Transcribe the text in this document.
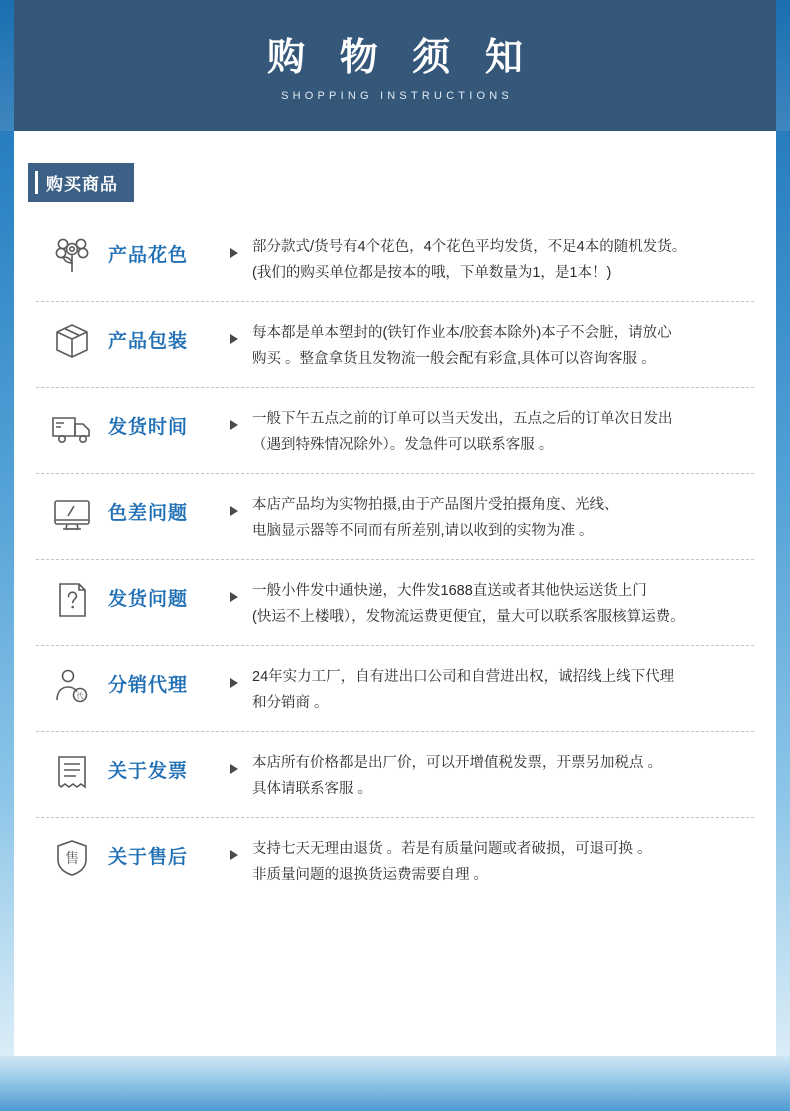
购 物 须 知
SHOPPING INSTRUCTIONS
购买商品
产品花色	部分款式/货号有4个花色，4个花色平均发货，不足4本的随机发货。

(我们的购买单位都是按本的哦，下单数量为1，是1本！)

产品包装	每本都是单本塑封的(铁钉作业本/胶套本除外)本子不会脏，请放心

购买 。整盒拿货且发物流一般会配有彩盒,具体可以咨询客服 。

发货时间	一般下午五点之前的订单可以当天发出，五点之后的订单次日发出

（遇到特殊情况除外）。发急件可以联系客服 。

色差问题	本店产品均为实物拍摄,由于产品图片受拍摄角度、光线、

电脑显示器等不同而有所差别,请以收到的实物为准 。

发货问题	一般小件发中通快递，大件发1688直送或者其他快运送货上门

(快运不上楼哦），发物流运费更便宜，量大可以联系客服核算运费。

代
分销代理	24年实力工厂，自有进出口公司和自营进出权，诚招线上线下代理

和分销商 。

关于发票	本店所有价格都是出厂价，可以开增值税发票，开票另加税点 。

具体请联系客服 。

售 关于售后	支持七天无理由退货 。若是有质量问题或者破损，可退可换 。

非质量问题的退换货运费需要自理 。
